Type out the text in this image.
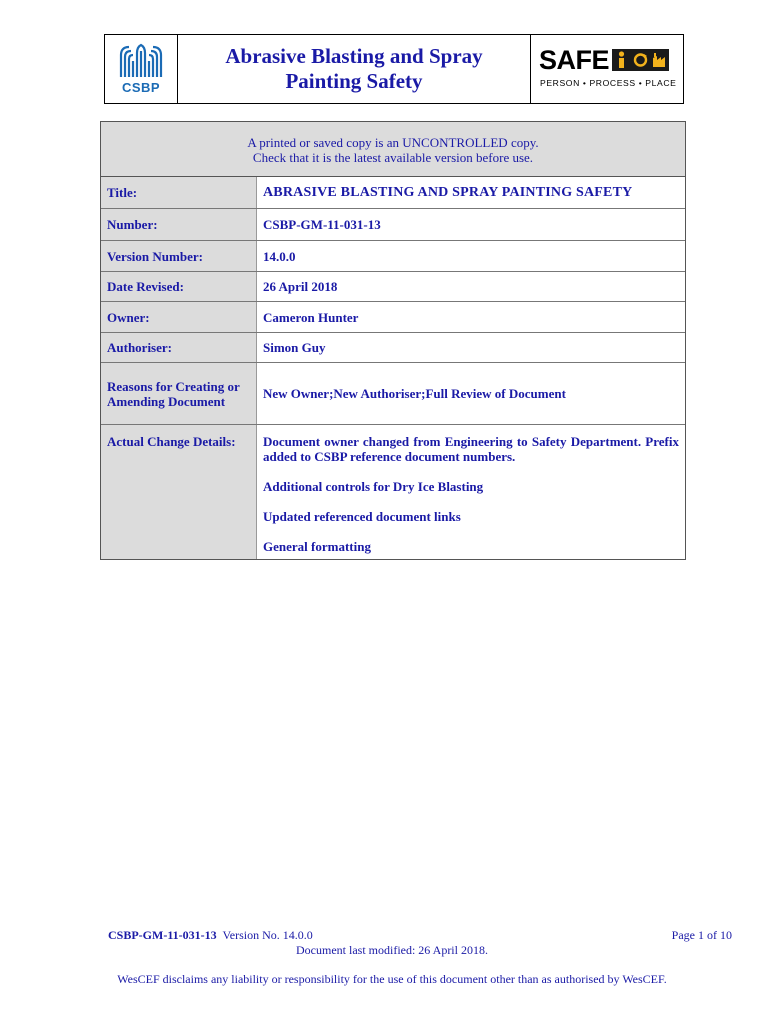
CSBP
Abrasive Blasting and Spray
Painting Safety
SAFE
PERSON • PROCESS • PLACE
A printed or saved copy is an UNCONTROLLED copy.
Check that it is the latest available version before use.
Title:	ABRASIVE BLASTING AND SPRAY PAINTING SAFETY
Number:	CSBP-GM-11-031-13
Version Number:	14.0.0
Date Revised:	26 April 2018
Owner:	Cameron Hunter
Authoriser:	Simon Guy
Reasons for Creating or Amending Document	New Owner;New Authoriser;Full Review of Document
Actual Change Details:	Document owner changed from Engineering to Safety Department. Prefix added to CSBP reference document numbers.

Additional controls for Dry Ice Blasting

Updated referenced document links

General formatting

CSBP-GM-11-031-13 Version No. 14.0.0	Page 1 of 10
Document last modified: 26 April 2018.
WesCEF disclaims any liability or responsibility for the use of this document other than as authorised by WesCEF.
